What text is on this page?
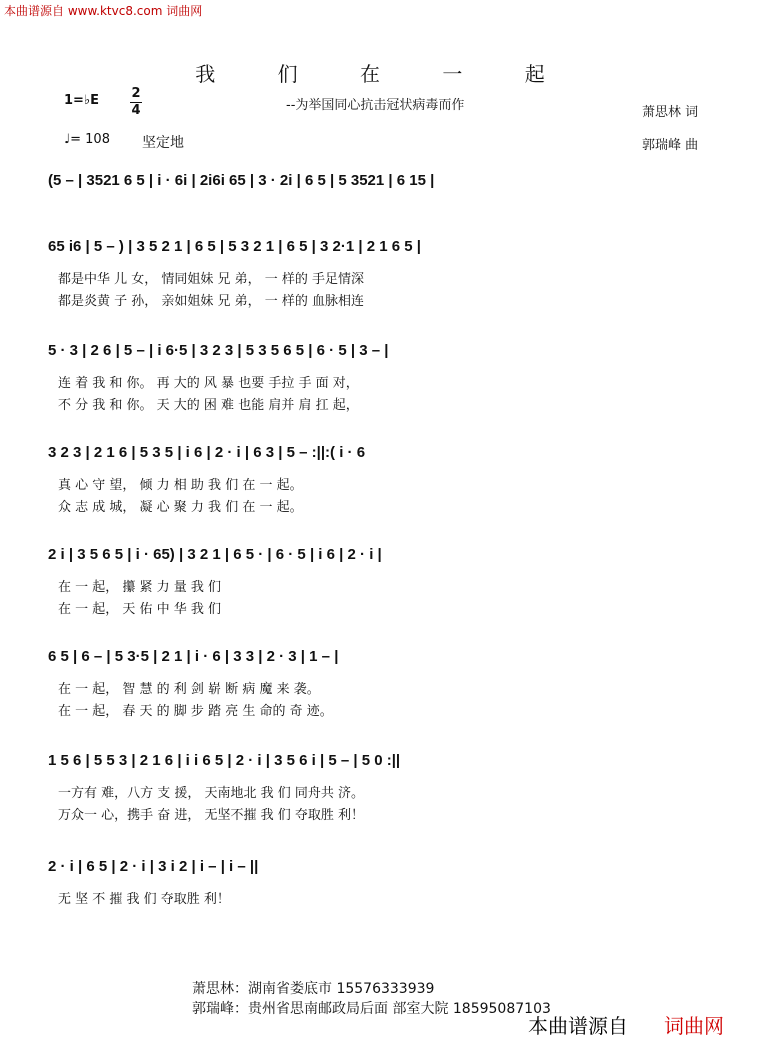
本曲谱源自 www.ktvc8.com 词曲网
我 们 在 一 起
--为举国同心抗击冠状病毒而作
1=♭E	2
4
♩= 108 坚定地
萧思林 词
郭瑞峰 曲
(5 – | 3521 6 5 | i · 6i | 2i6i 65 | 3 · 2i | 6 5 | 5 3521 | 6 15 |
65 i6 | 5 – ) | 3 5 2 1 | 6 5 | 5 3 2 1 | 6 5 | 3 2·1 | 2 1 6 5 |
都是中华 儿 女， 情同姐妹 兄 弟， 一 样的 手足情深
都是炎黄 子 孙， 亲如姐妹 兄 弟， 一 样的 血脉相连
5 · 3 | 2 6 | 5 – | i 6·5 | 3 2 3 | 5 3 5 6 5 | 6 · 5 | 3 – |
连 着 我 和 你。 再 大的 风 暴 也要 手拉 手 面 对，
不 分 我 和 你。 天 大的 困 难 也能 肩并 肩 扛 起，
3 2 3 | 2 1 6 | 5 3 5 | i 6 | 2 · i | 6 3 | 5 – :||:( i · 6
真 心 守 望， 倾 力 相 助 我 们 在 一 起。
众 志 成 城， 凝 心 聚 力 我 们 在 一 起。
2 i | 3 5 6 5 | i · 65) | 3 2 1 | 6 5 · | 6 · 5 | i 6 | 2 · i |
在 一 起， 攥 紧 力 量 我 们
在 一 起， 天 佑 中 华 我 们
6 5 | 6 – | 5 3·5 | 2 1 | i · 6 | 3 3 | 2 · 3 | 1 – |
在 一 起， 智 慧 的 利 剑 崭 断 病 魔 来 袭。
在 一 起， 春 天 的 脚 步 踏 亮 生 命的 奇 迹。
1 5 6 | 5 5 3 | 2 1 6 | i i 6 5 | 2 · i | 3 5 6 i | 5 – | 5 0 :||
一方有 难，八方 支 援， 天南地北 我 们 同舟共 济。
万众一 心，携手 奋 进， 无坚不摧 我 们 夺取胜 利！
2 · i | 6 5 | 2 · i | 3 i 2 | i – | i – ||
无 坚 不 摧 我 们 夺取胜 利！
萧思林：湖南省娄底市 15576333939
郭瑞峰：贵州省思南邮政局后面 部室大院 18595087103
本曲谱源自 词曲网
